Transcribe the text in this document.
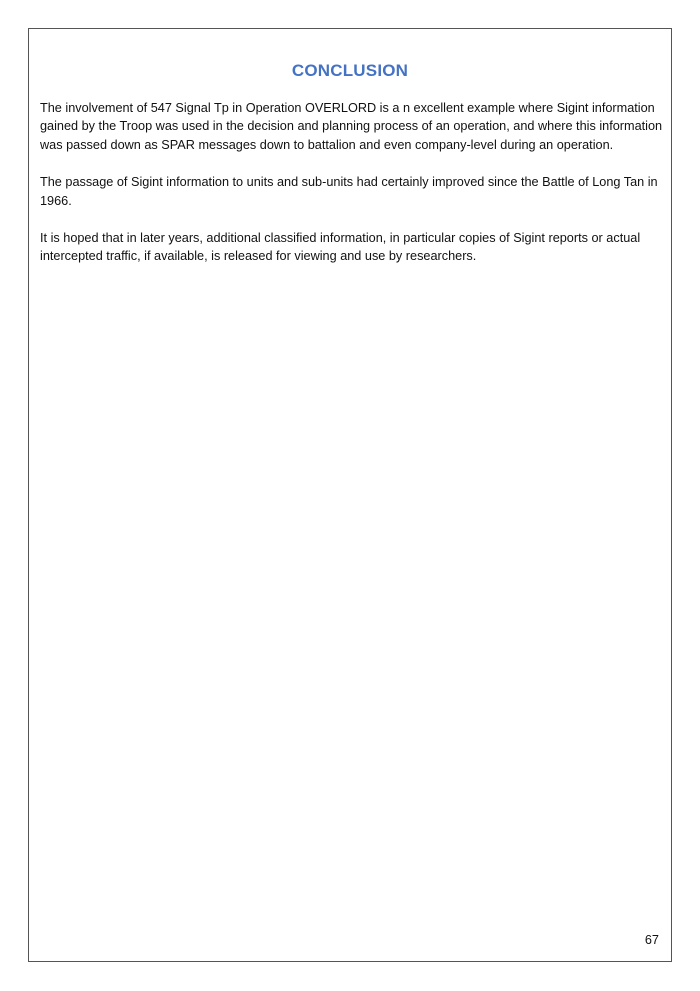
CONCLUSION

The involvement of 547 Signal Tp in Operation OVERLORD is a n excellent example where Sigint information gained by the Troop was used in the decision and planning process of an operation, and where this information was passed down as SPAR messages down to battalion and even company-level during an operation.

The passage of Sigint information to units and sub-units had certainly improved since the Battle of Long Tan in 1966.

It is hoped that in later years, additional classified information, in particular copies of Sigint reports or actual intercepted traffic, if available, is released for viewing and use by researchers.

67
